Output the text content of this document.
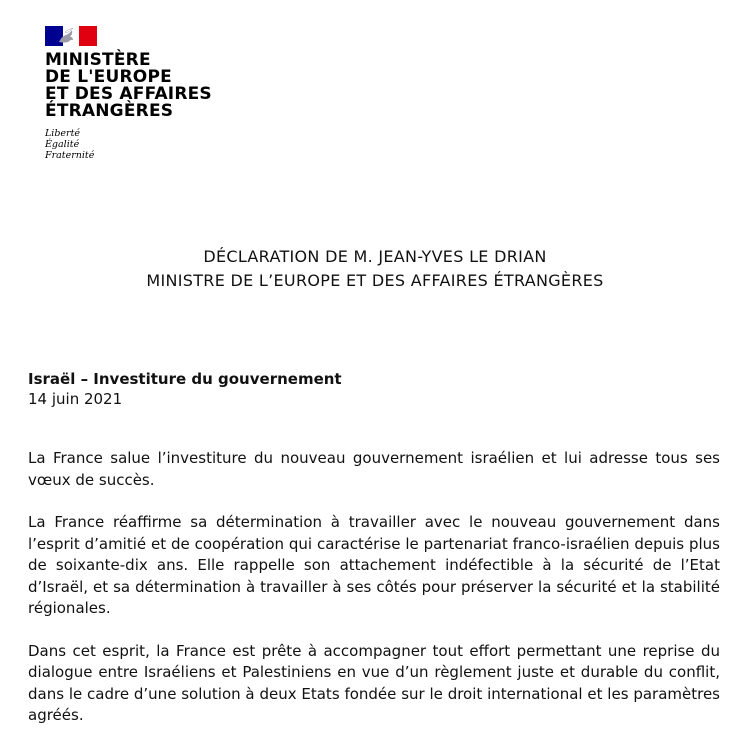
MINISTÈRE
DE L'EUROPE
ET DES AFFAIRES
ÉTRANGÈRES
Liberté
Égalité
Fraternité
DÉCLARATION DE M. JEAN-YVES LE DRIAN
MINISTRE DE L’EUROPE ET DES AFFAIRES ÉTRANGÈRES
Israël – Investiture du gouvernement
14 juin 2021

La France salue l’investiture du nouveau gouvernement israélien et lui adresse tous ses vœux de succès.

La France réaffirme sa détermination à travailler avec le nouveau gouvernement dans l’esprit d’amitié et de coopération qui caractérise le partenariat franco-israélien depuis plus de soixante-dix ans. Elle rappelle son attachement indéfectible à la sécurité de l’Etat d’Israël, et sa détermination à travailler à ses côtés pour préserver la sécurité et la stabilité régionales.

Dans cet esprit, la France est prête à accompagner tout effort permettant une reprise du dialogue entre Israéliens et Palestiniens en vue d’un règlement juste et durable du conflit, dans le cadre d’une solution à deux Etats fondée sur le droit international et les paramètres agréés.
